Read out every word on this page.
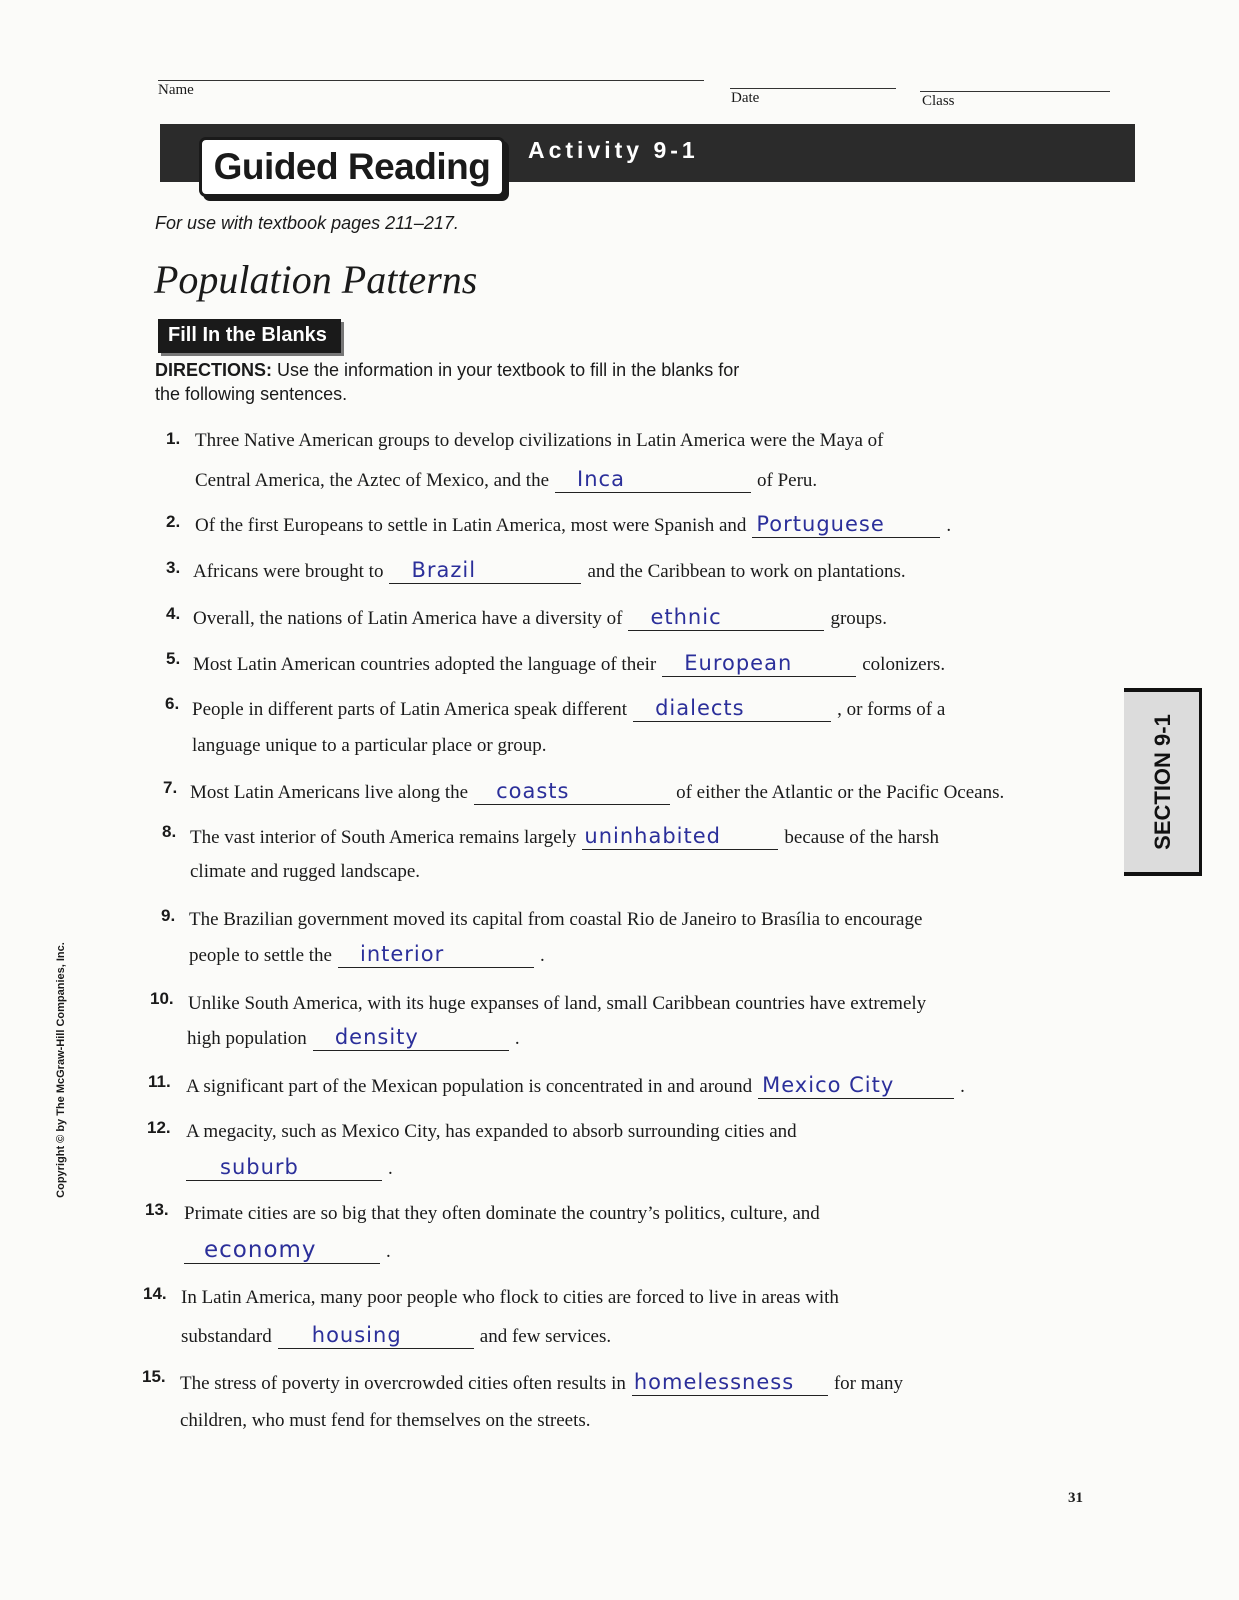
Name	Date	Class
Guided Reading	Activity 9-1
For use with textbook pages 211–217.
Population Patterns
Fill In the Blanks
DIRECTIONS: Use the information in your textbook to fill in the blanks for
the following sentences.
1. Three Native American groups to develop civilizations in Latin America were the Maya of
Central America, the Aztec of Mexico, and the Inca	of Peru.
2. Of the first Europeans to settle in Latin America, most were Spanish and Portuguese	.
3. Africans were brought to Brazil	and the Caribbean to work on plantations.
4. Overall, the nations of Latin America have a diversity of ethnic	groups.
5. Most Latin American countries adopted the language of their European	colonizers.
6. People in different parts of Latin America speak different dialects	, or forms of a
language unique to a particular place or group.
7. Most Latin Americans live along the coasts	of either the Atlantic or the Pacific Oceans.
8. The vast interior of South America remains largely uninhabited	because of the harsh
climate and rugged landscape.
9. The Brazilian government moved its capital from coastal Rio de Janeiro to Brasília to encourage
people to settle the interior	.
10. Unlike South America, with its huge expanses of land, small Caribbean countries have extremely
high population density	.
11. A significant part of the Mexican population is concentrated in and around Mexico City	.
12. A megacity, such as Mexico City, has expanded to absorb surrounding cities and
suburb	.
13. Primate cities are so big that they often dominate the country’s politics, culture, and
economy	.
14. In Latin America, many poor people who flock to cities are forced to live in areas with
substandard housing	and few services.
15. The stress of poverty in overcrowded cities often results in homelessness for many
children, who must fend for themselves on the streets.
SECTION 9-1
Copyright © by The McGraw-Hill Companies, Inc.
31
